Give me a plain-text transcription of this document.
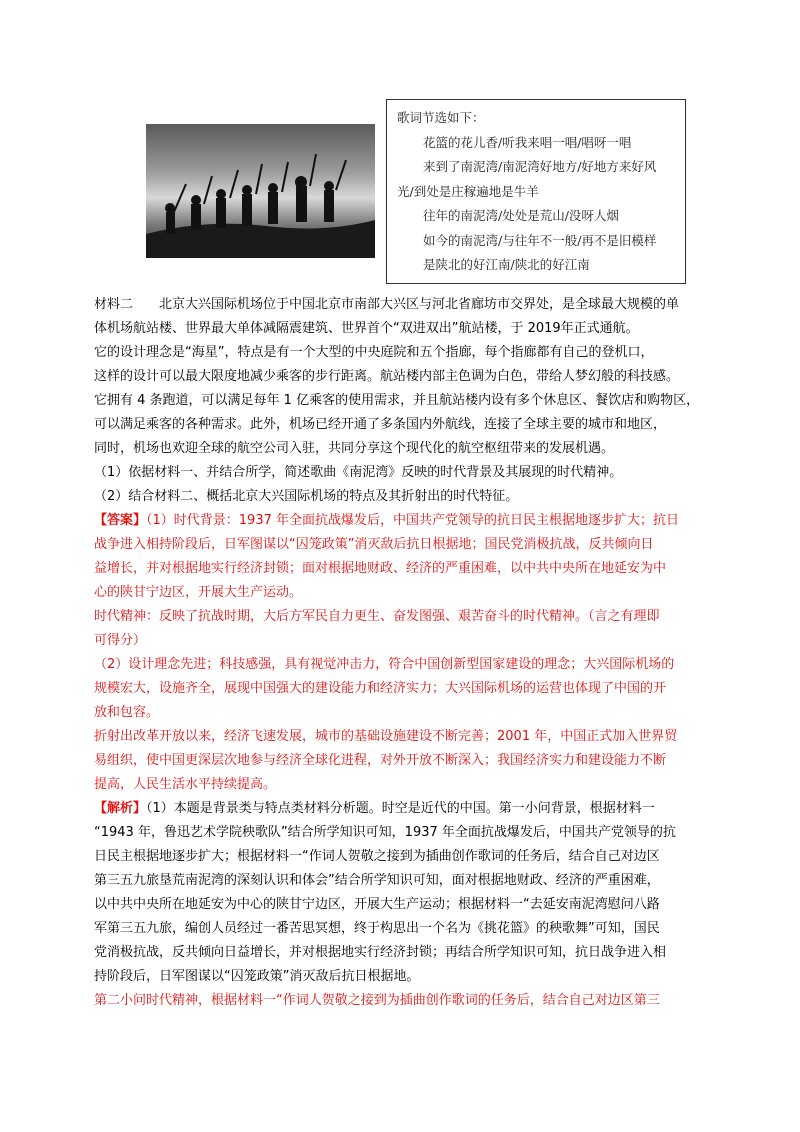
歌词节选如下：
花篮的花儿香/听我来唱一唱/唱呀一唱
来到了南泥湾/南泥湾好地方/好地方来好风
光/到处是庄稼遍地是牛羊
往年的南泥湾/处处是荒山/没呀人烟
如今的南泥湾/与往年不一般/再不是旧模样
是陕北的好江南/陕北的好江南
材料二　　北京大兴国际机场位于中国北京市南部大兴区与河北省廊坊市交界处，是全球最大规模的单
体机场航站楼、世界最大单体减隔震建筑、世界首个“双进双出”航站楼，于 2019年正式通航。
它的设计理念是“海星”，特点是有一个大型的中央庭院和五个指廊，每个指廊都有自己的登机口，
这样的设计可以最大限度地减少乘客的步行距离。航站楼内部主色调为白色，带给人梦幻般的科技感。
它拥有 4 条跑道，可以满足每年 1 亿乘客的使用需求，并且航站楼内设有多个休息区、餐饮店和购物区，
可以满足乘客的各种需求。此外，机场已经开通了多条国内外航线，连接了全球主要的城市和地区，
同时，机场也欢迎全球的航空公司入驻，共同分享这个现代化的航空枢纽带来的发展机遇。
（1）依据材料一、并结合所学，简述歌曲《南泥湾》反映的时代背景及其展现的时代精神。
（2）结合材料二、概括北京大兴国际机场的特点及其折射出的时代特征。
【答案】（1）时代背景：1937 年全面抗战爆发后，中国共产党领导的抗日民主根据地逐步扩大；抗日
战争进入相持阶段后，日军图谋以“囚笼政策”消灭敌后抗日根据地；国民党消极抗战，反共倾向日
益增长，并对根据地实行经济封锁；面对根据地财政、经济的严重困难，以中共中央所在地延安为中
心的陕甘宁边区，开展大生产运动。
时代精神：反映了抗战时期，大后方军民自力更生、奋发图强、艰苦奋斗的时代精神。（言之有理即
可得分）
（2）设计理念先进；科技感强，具有视觉冲击力，符合中国创新型国家建设的理念；大兴国际机场的
规模宏大，设施齐全，展现中国强大的建设能力和经济实力；大兴国际机场的运营也体现了中国的开
放和包容。
折射出改革开放以来，经济飞速发展，城市的基础设施建设不断完善；2001 年，中国正式加入世界贸
易组织，使中国更深层次地参与经济全球化进程，对外开放不断深入；我国经济实力和建设能力不断
提高，人民生活水平持续提高。
【解析】（1）本题是背景类与特点类材料分析题。时空是近代的中国。第一小问背景，根据材料一
“1943 年，鲁迅艺术学院秧歌队”结合所学知识可知，1937 年全面抗战爆发后，中国共产党领导的抗
日民主根据地逐步扩大；根据材料一“作词人贺敬之接到为插曲创作歌词的任务后，结合自己对边区
第三五九旅垦荒南泥湾的深刻认识和体会”结合所学知识可知，面对根据地财政、经济的严重困难，
以中共中央所在地延安为中心的陕甘宁边区，开展大生产运动；根据材料一“去延安南泥湾慰问八路
军第三五九旅，编创人员经过一番苦思冥想，终于构思出一个名为《挑花篮》的秧歌舞”可知，国民
党消极抗战，反共倾向日益增长，并对根据地实行经济封锁；再结合所学知识可知，抗日战争进入相
持阶段后，日军图谋以“囚笼政策”消灭敌后抗日根据地。
第二小问时代精神，根据材料一“作词人贺敬之接到为插曲创作歌词的任务后，结合自己对边区第三
